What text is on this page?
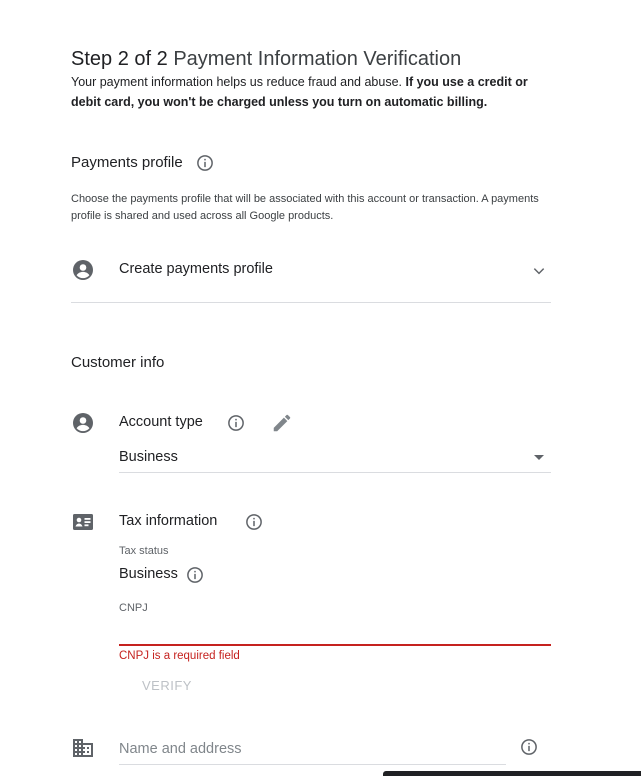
Step 2 of 2 Payment Information Verification
Your payment information helps us reduce fraud and abuse. If you use a credit or debit card, you won't be charged unless you turn on automatic billing.
Payments profile
Choose the payments profile that will be associated with this account or transaction. A payments profile is shared and used across all Google products.
Create payments profile
Customer info
Account type
Business
Tax information
Tax status
Business
CNPJ
CNPJ is a required field
VERIFY
Name and address
